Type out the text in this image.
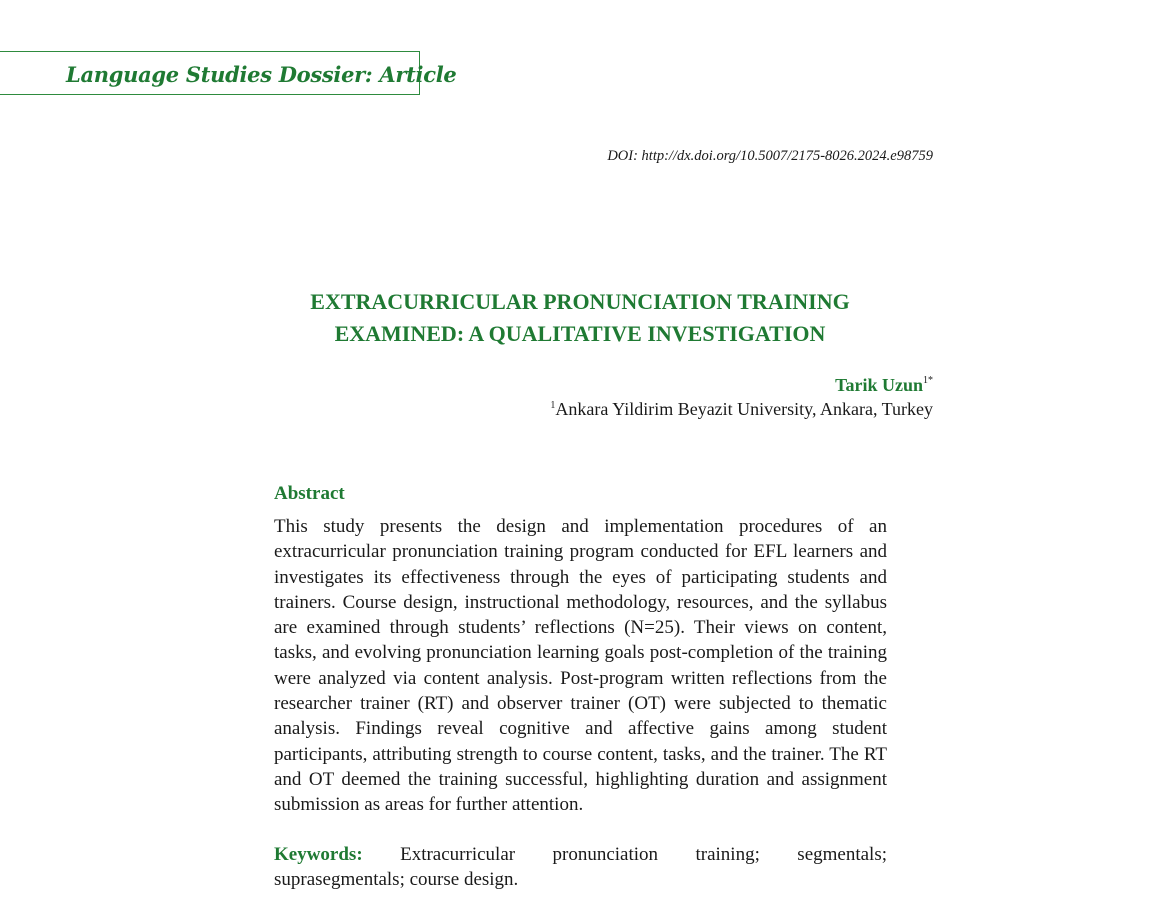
Language Studies Dossier: Article
DOI: http://dx.doi.org/10.5007/2175-8026.2024.e98759
EXTRACURRICULAR PRONUNCIATION TRAINING
EXAMINED: A QUALITATIVE INVESTIGATION
Tarik Uzun$^{1*}$
$^1$Ankara Yildirim Beyazit University, Ankara, Turkey
Abstract
This study presents the design and implementation procedures of an extracurricular pronunciation training program conducted for EFL learners and investigates its effectiveness through the eyes of participating students and trainers. Course design, instructional methodology, resources, and the syllabus are examined through students’ reflections (N=25). Their views on content, tasks, and evolving pronunciation learning goals post-completion of the training were analyzed via content analysis. Post-program written reflections from the researcher trainer (RT) and observer trainer (OT) were subjected to thematic analysis. Findings reveal cognitive and affective gains among student participants, attributing strength to course content, tasks, and the trainer. The RT and OT deemed the training successful, highlighting duration and assignment submission as areas for further attention.
Keywords: Extracurricular pronunciation training; segmentals; suprasegmentals; course design.
